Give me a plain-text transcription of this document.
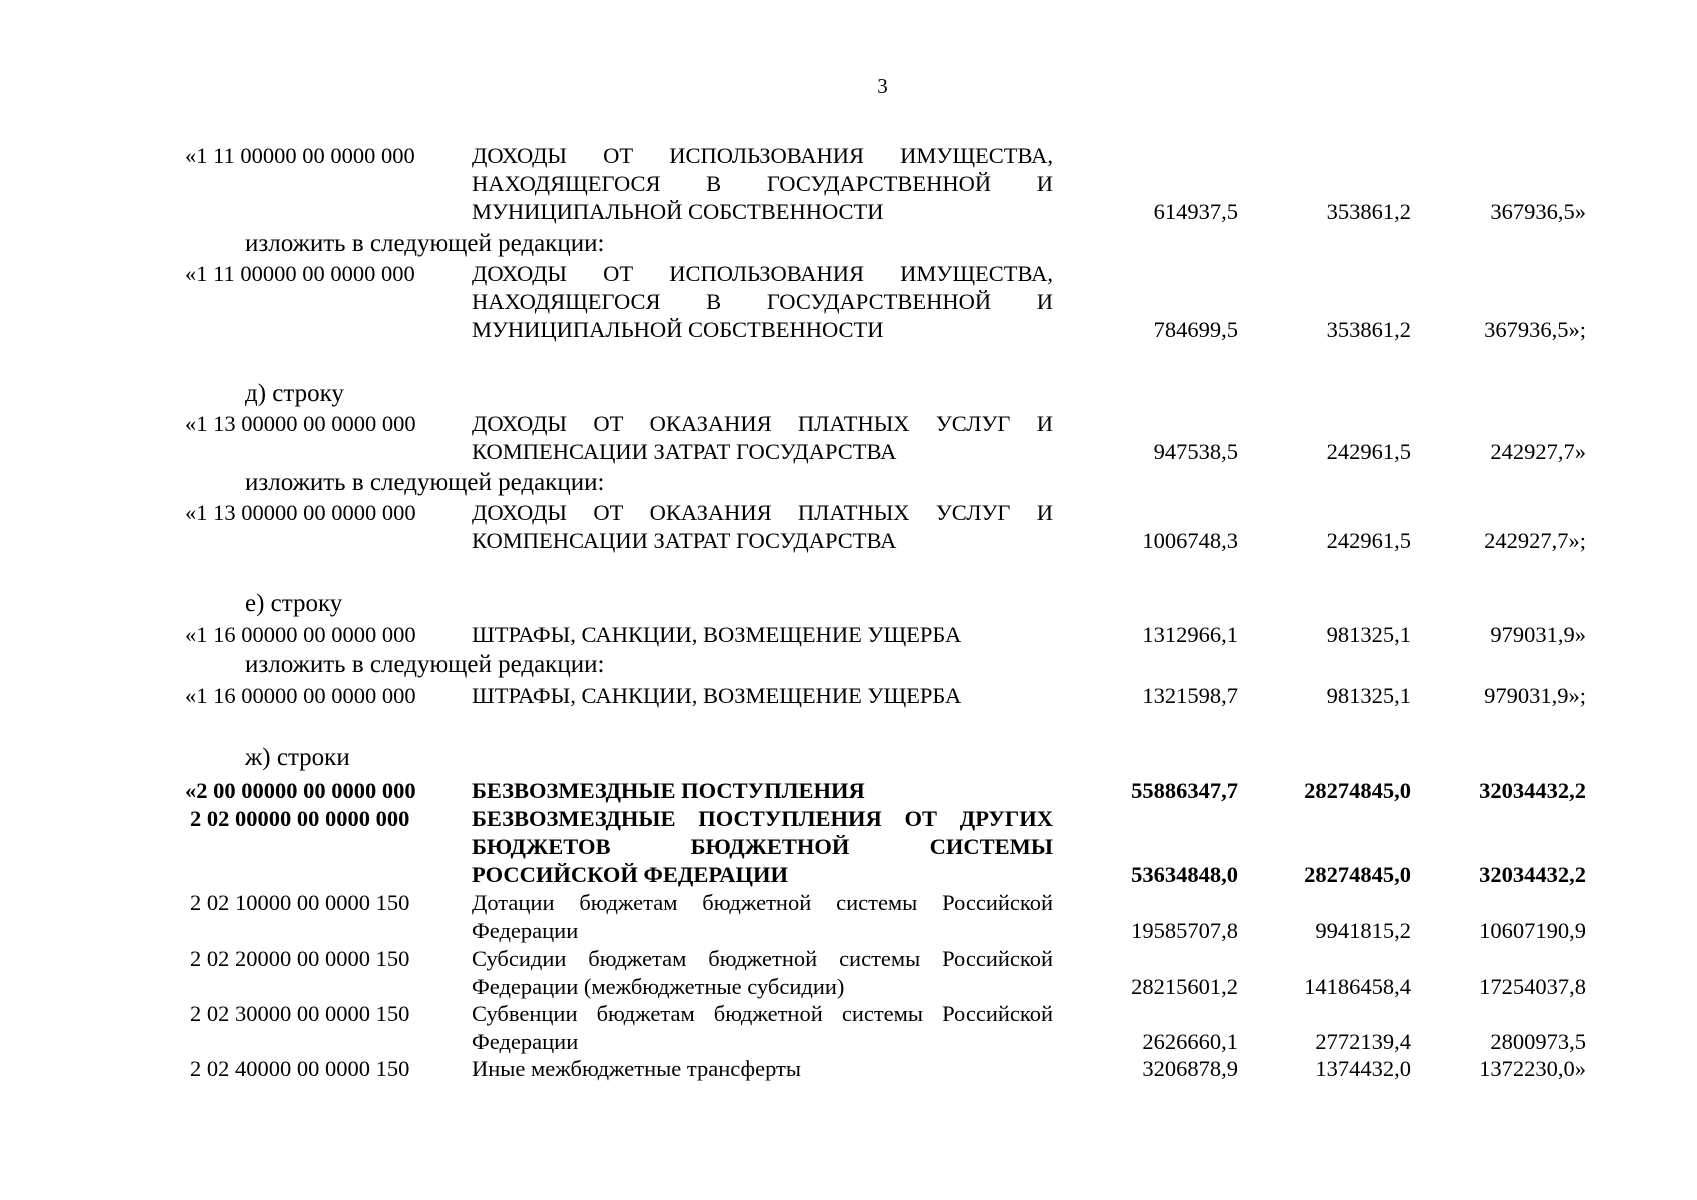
3
«1 11 00000 00 0000 000	ДОХОДЫ ОТ ИСПОЛЬЗОВАНИЯ ИМУЩЕСТВА,
НАХОДЯЩЕГОСЯ В ГОСУДАРСТВЕННОЙ И
МУНИЦИПАЛЬНОЙ СОБСТВЕННОСТИ	614937,5	353861,2	367936,5»
изложить в следующей редакции:
«1 11 00000 00 0000 000	ДОХОДЫ ОТ ИСПОЛЬЗОВАНИЯ ИМУЩЕСТВА,
НАХОДЯЩЕГОСЯ В ГОСУДАРСТВЕННОЙ И
МУНИЦИПАЛЬНОЙ СОБСТВЕННОСТИ	784699,5	353861,2	367936,5»;
д) строку
«1 13 00000 00 0000 000	ДОХОДЫ ОТ ОКАЗАНИЯ ПЛАТНЫХ УСЛУГ И
КОМПЕНСАЦИИ ЗАТРАТ ГОСУДАРСТВА	947538,5	242961,5	242927,7»
изложить в следующей редакции:
«1 13 00000 00 0000 000	ДОХОДЫ ОТ ОКАЗАНИЯ ПЛАТНЫХ УСЛУГ И
КОМПЕНСАЦИИ ЗАТРАТ ГОСУДАРСТВА	1006748,3	242961,5	242927,7»;
е) строку
«1 16 00000 00 0000 000	ШТРАФЫ, САНКЦИИ, ВОЗМЕЩЕНИЕ УЩЕРБА	1312966,1	981325,1	979031,9»
изложить в следующей редакции:
«1 16 00000 00 0000 000	ШТРАФЫ, САНКЦИИ, ВОЗМЕЩЕНИЕ УЩЕРБА	1321598,7	981325,1	979031,9»;
ж) строки
«2 00 00000 00 0000 000	БЕЗВОЗМЕЗДНЫЕ ПОСТУПЛЕНИЯ	55886347,7	28274845,0	32034432,2
2 02 00000 00 0000 000	БЕЗВОЗМЕЗДНЫЕ ПОСТУПЛЕНИЯ ОТ ДРУГИХ
БЮДЖЕТОВ БЮДЖЕТНОЙ СИСТЕМЫ
РОССИЙСКОЙ ФЕДЕРАЦИИ	53634848,0	28274845,0	32034432,2
2 02 10000 00 0000 150	Дотации бюджетам бюджетной системы Российской
Федерации	19585707,8	9941815,2	10607190,9
2 02 20000 00 0000 150	Субсидии бюджетам бюджетной системы Российской
Федерации (межбюджетные субсидии)	28215601,2	14186458,4	17254037,8
2 02 30000 00 0000 150	Субвенции бюджетам бюджетной системы Российской
Федерации	2626660,1	2772139,4	2800973,5
2 02 40000 00 0000 150	Иные межбюджетные трансферты	3206878,9	1374432,0	1372230,0»
